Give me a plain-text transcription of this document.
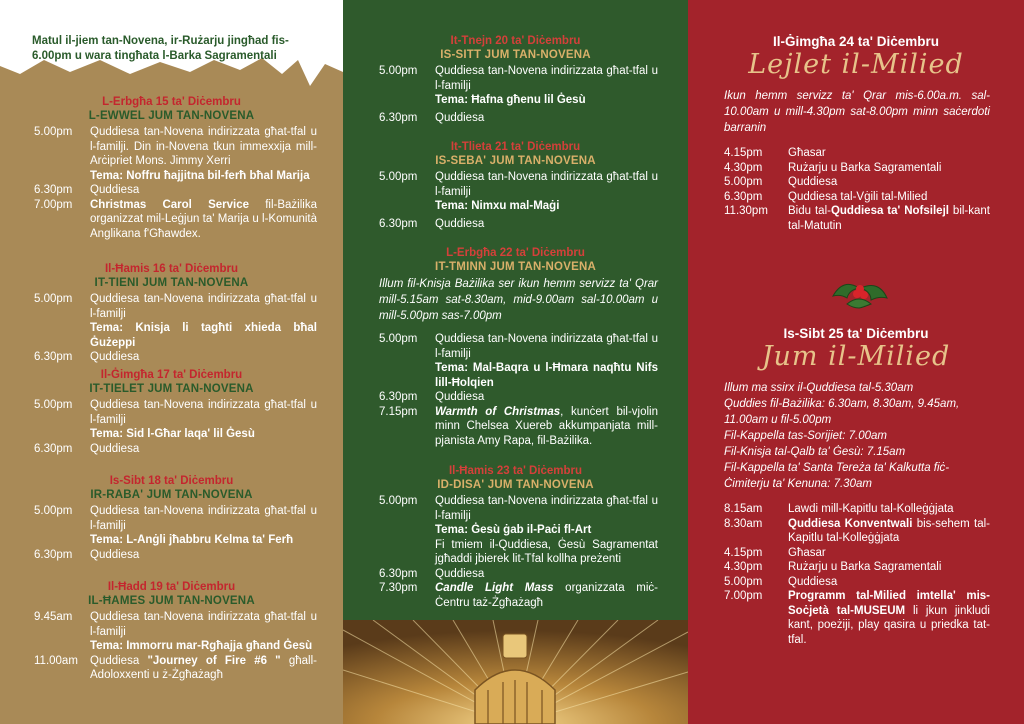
Matul il-jiem tan-Novena, ir-Rużarju jingħad fis-6.00pm u wara tingħata l-Barka Sagramentali
L-Erbgħa 15 ta' Diċembru
L-EWWEL JUM TAN-NOVENA
5.00pm	Quddiesa tan-Novena indirizzata għat-tfal u l-familji. Din in-Novena tkun immexxija mill-Arċipriet Mons. Jimmy Xerri
Tema: Noffru ħajjitna bil-ferħ bħal Marija
6.30pm	Quddiesa
7.00pm	Christmas Carol Service fil-Bażilika organizzat mil-Leġjun ta' Marija u l-Komunità Anglikana f'Għawdex.
Il-Ħamis 16 ta' Diċembru
IT-TIENI JUM TAN-NOVENA
5.00pm	Quddiesa tan-Novena indirizzata għat-tfal u l-familji
Tema: Knisja li tagħti xhieda bħal Ġużeppi
6.30pm	Quddiesa
Il-Ġimgħa 17 ta' Diċembru
IT-TIELET JUM TAN-NOVENA
5.00pm	Quddiesa tan-Novena indirizzata għat-tfal u l-familji
Tema: Sid l-Għar laqa' lil Ġesù
6.30pm	Quddiesa
Is-Sibt 18 ta' Diċembru
IR-RABA' JUM TAN-NOVENA
5.00pm	Quddiesa tan-Novena indirizzata għat-tfal u l-familji
Tema: L-Anġli jħabbru Kelma ta' Ferħ
6.30pm	Quddiesa
Il-Ħadd 19 ta' Diċembru
IL-ĦAMES JUM TAN-NOVENA
9.45am	Quddiesa tan-Novena indirizzata għat-tfal u l-familji
Tema: Immorru mar-Rgħajja għand Ġesù
11.00am	Quddiesa "Journey of Fire #6 " għall-Adoloxxenti u ż-Żgħażagħ
It-Tnejn 20 ta' Diċembru
IS-SITT JUM TAN-NOVENA
5.00pm	Quddiesa tan-Novena indirizzata għat-tfal u l-familji
Tema: Ħafna għenu lil Ġesù
6.30pm	Quddiesa
It-Tlieta 21 ta' Diċembru
IS-SEBA' JUM TAN-NOVENA
5.00pm	Quddiesa tan-Novena indirizzata għat-tfal u l-familji
Tema: Nimxu mal-Maġi
6.30pm	Quddiesa
L-Erbgħa 22 ta' Diċembru
IT-TMINN JUM TAN-NOVENA
Illum fil-Knisja Bażilika ser ikun hemm servizz ta' Qrar mill-5.15am sat-8.30am, mid-9.00am sal-10.00am u mill-5.00pm sas-7.00pm
5.00pm	Quddiesa tan-Novena indirizzata għat-tfal u l-familji
Tema: Mal-Baqra u l-Ħmara naqħtu Nifs lill-Ħolqien
6.30pm	Quddiesa
7.15pm	Warmth of Christmas, kunċert bil-vjolin minn Chelsea Xuereb akkumpanjata mill-pjanista Amy Rapa, fil-Bażilika.
Il-Ħamis 23 ta' Diċembru
ID-DISA' JUM TAN-NOVENA
5.00pm	Quddiesa tan-Novena indirizzata għat-tfal u l-familji
Tema: Ġesù ġab il-Paċi fl-Art
Fi tmiem il-Quddiesa, Ġesù Sagramentat jgħaddi jbierek lit-Tfal kollha preżenti
6.30pm	Quddiesa
7.30pm	Candle Light Mass organizzata miċ-Ċentru taż-Żgħażagħ
Il-Ġimgħa 24 ta' Diċembru
Lejlet il-Milied
Ikun hemm servizz ta' Qrar mis-6.00a.m. sal-10.00am u mill-4.30pm sat-8.00pm minn saċerdoti barranin
4.15pm	Għasar
4.30pm	Rużarju u Barka Sagramentali
5.00pm	Quddiesa
6.30pm	Quddiesa tal-Vġili tal-Milied
11.30pm	Bidu tal-Quddiesa ta' Nofsilejl bil-kant tal-Matutin
Is-Sibt 25 ta' Diċembru
Jum il-Milied
Illum ma ssirx il-Quddiesa tal-5.30am
Quddies fil-Bażilika: 6.30am, 8.30am, 9.45am, 11.00am u fil-5.00pm
Fil-Kappella tas-Sorijiet: 7.00am
Fil-Knisja tal-Qalb ta' Ġesù: 7.15am
Fil-Kappella ta' Santa Tereża ta' Kalkutta fiċ-Ċimiterju ta' Kenuna: 7.30am
8.15am	Lawdi mill-Kapitlu tal-Kolleġġjata
8.30am	Quddiesa Konventwali bis-sehem tal-Kapitlu tal-Kolleġġjata
4.15pm	Għasar
4.30pm	Rużarju u Barka Sagramentali
5.00pm	Quddiesa
7.00pm	Programm tal-Milied imtella' mis-Soċjetà tal-MUSEUM li jkun jinkludi kant, poeżiji, play qasira u priedka tat-tfal.
